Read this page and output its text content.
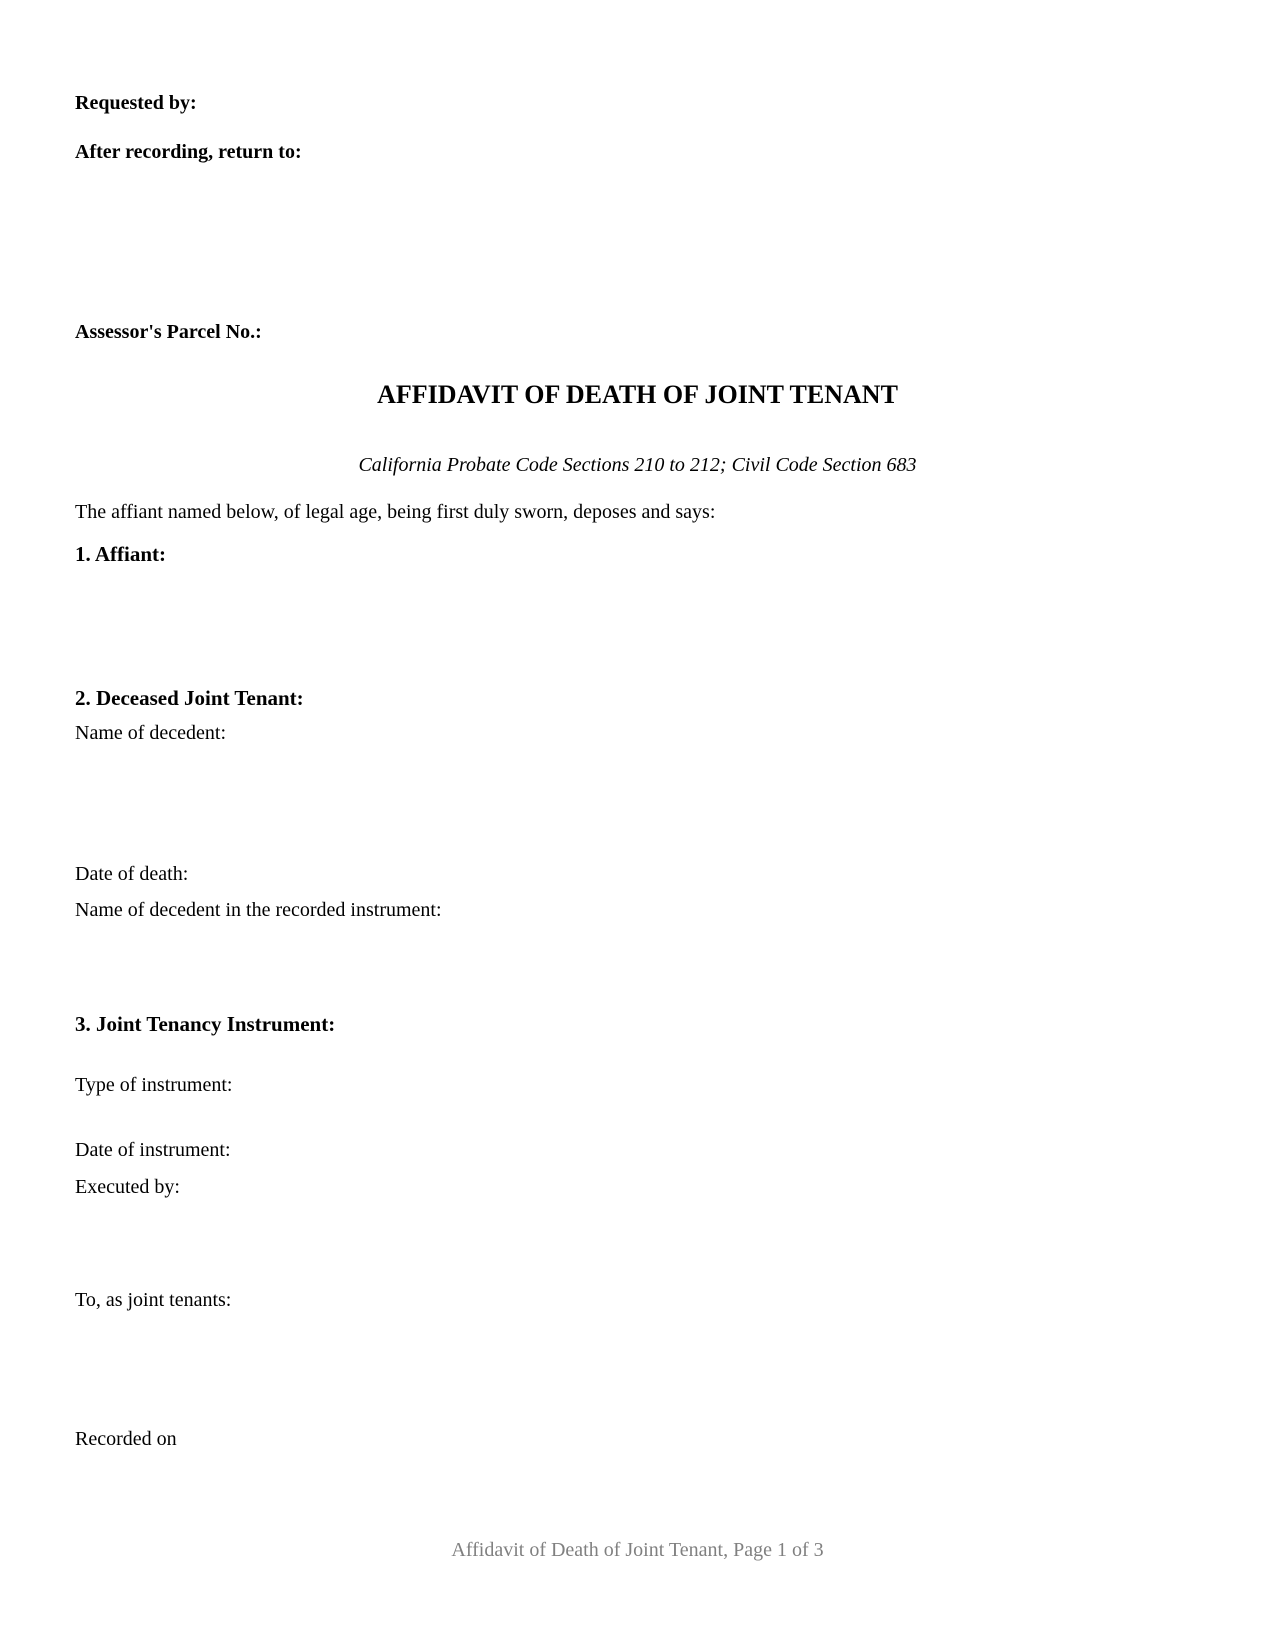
Requested by:
After recording, return to:
Assessor's Parcel No.:
AFFIDAVIT OF DEATH OF JOINT TENANT
California Probate Code Sections 210 to 212; Civil Code Section 683
The affiant named below, of legal age, being first duly sworn, deposes and says:
1. Affiant:
2. Deceased Joint Tenant:
Name of decedent:
Date of death:
Name of decedent in the recorded instrument:
3. Joint Tenancy Instrument:
Type of instrument:
Date of instrument:
Executed by:
To, as joint tenants:
Recorded on
Affidavit of Death of Joint Tenant, Page 1 of 3
